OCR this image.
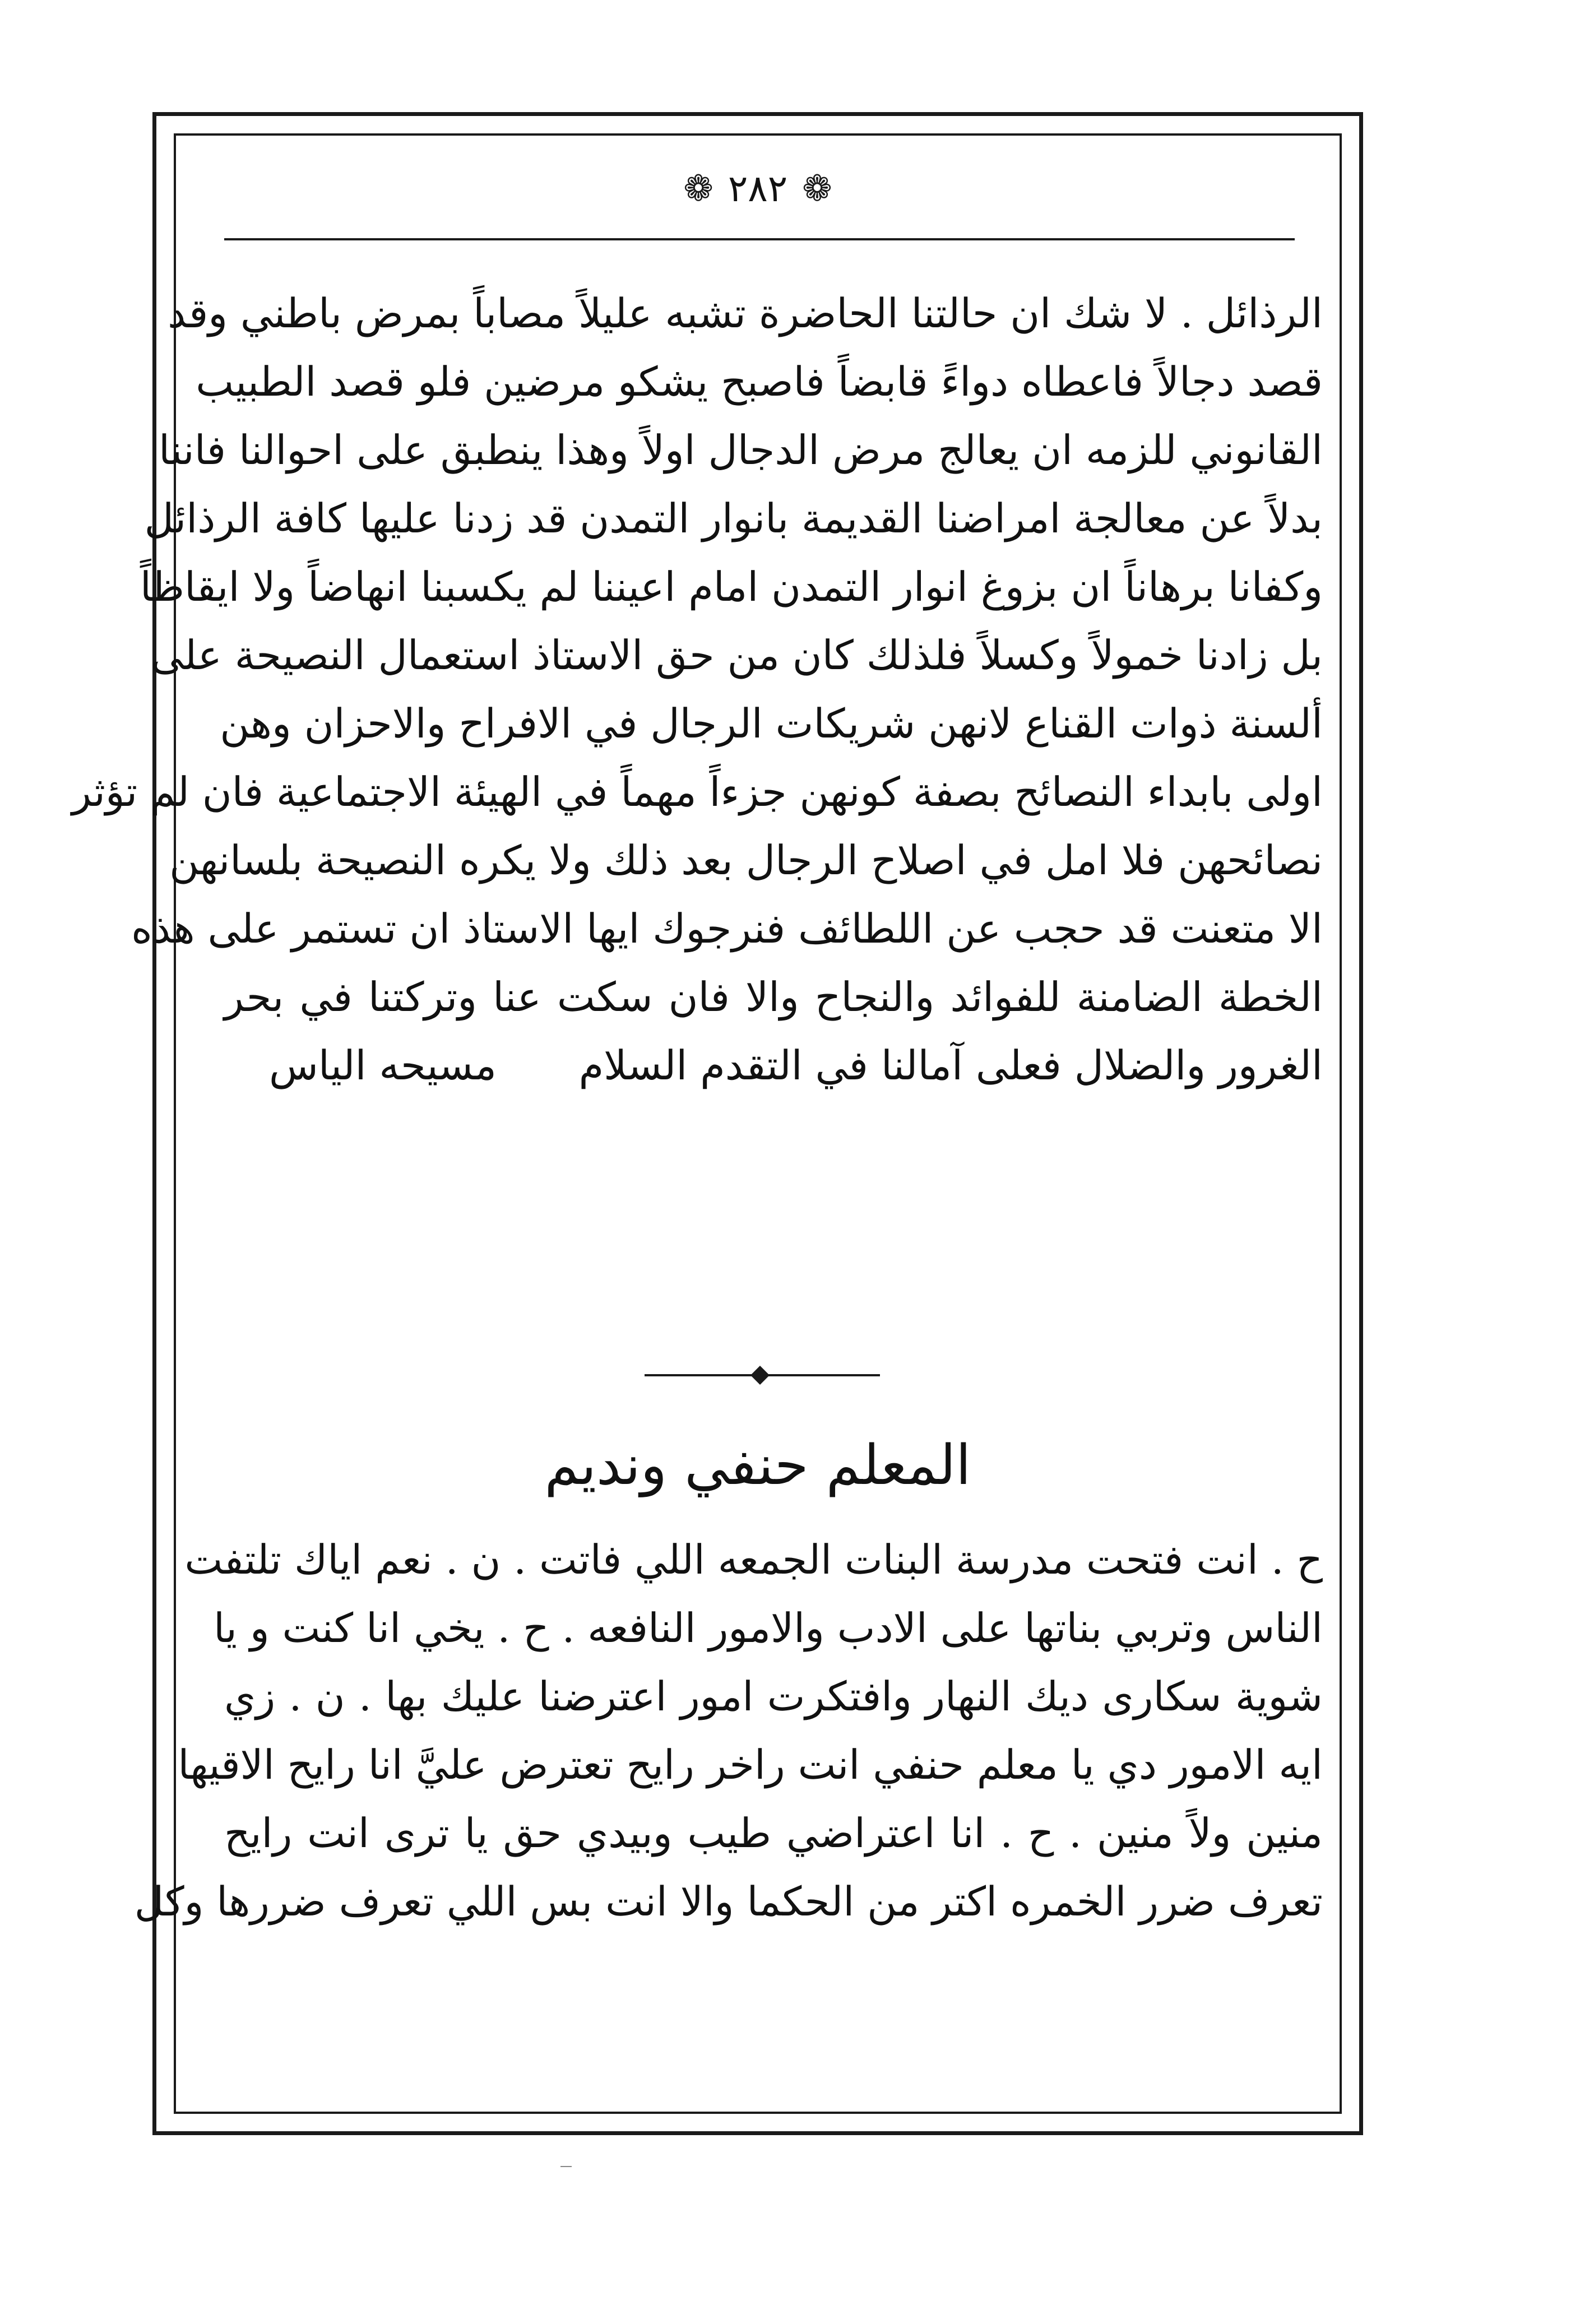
❁ ٢٨٢ ❁
الرذائل . لا شك ان حالتنا الحاضرة تشبه عليلاً مصاباً بمرض باطني وقد
قصد دجالاً فاعطاه دواءً قابضاً فاصبح يشكو مرضين فلو قصد الطبيب
القانوني للزمه ان يعالج مرض الدجال اولاً وهذا ينطبق على احوالنا فاننا
بدلاً عن معالجة امراضنا القديمة بانوار التمدن قد زدنا عليها كافة الرذائل
وكفانا برهاناً ان بزوغ انوار التمدن امام اعيننا لم يكسبنا انهاضاً ولا ايقاظاً
بل زادنا خمولاً وكسلاً فلذلك كان من حق الاستاذ استعمال النصيحة على
ألسنة ذوات القناع لانهن شريكات الرجال في الافراح والاحزان وهن
اولى بابداء النصائح بصفة كونهن جزءاً مهماً في الهيئة الاجتماعية فان لم تؤثر
نصائحهن فلا امل في اصلاح الرجال بعد ذلك ولا يكره النصيحة بلسانهن
الا متعنت قد حجب عن اللطائف فنرجوك ايها الاستاذ ان تستمر على هذه
الخطة الضامنة للفوائد والنجاح والا فان سكت عنا وتركتنا في بحر
الغرور والضلال فعلى آمالنا في التقدم السلام
مسيحه الياس
المعلم حنفي ونديم
ح . انت فتحت مدرسة البنات الجمعه اللي فاتت . ن . نعم اياك تلتفت
الناس وتربي بناتها على الادب والامور النافعه . ح . يخي انا كنت و يا
شوية سكارى ديك النهار وافتكرت امور اعترضنا عليك بها . ن . زي
ايه الامور دي يا معلم حنفي انت راخر رايح تعترض عليَّ انا رايح الاقيها
منين ولاً منين . ح . انا اعتراضي طيب وبيدي حق يا ترى انت رايح
تعرف ضرر الخمره اكتر من الحكما والا انت بس اللي تعرف ضررها وكل
